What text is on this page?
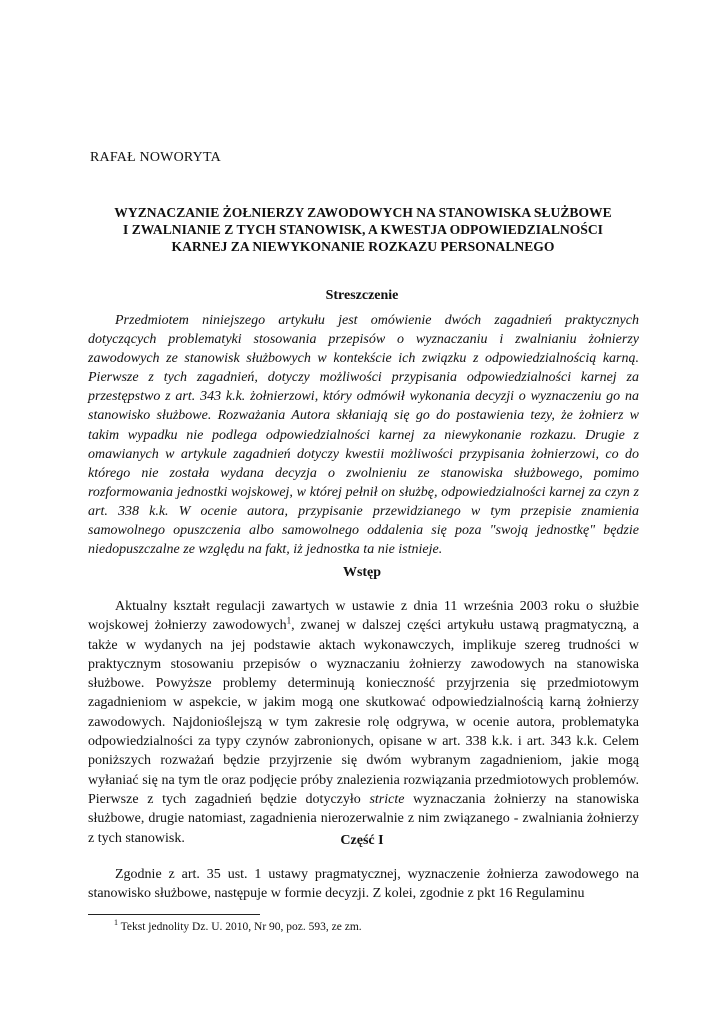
RAFAŁ NOWORYTA
WYZNACZANIE ŻOŁNIERZY ZAWODOWYCH NA STANOWISKA SŁUŻBOWE
I ZWALNIANIE Z TYCH STANOWISK, A KWESTJA ODPOWIEDZIALNOŚCI
KARNEJ ZA NIEWYKONANIE ROZKAZU PERSONALNEGO
Streszczenie

Przedmiotem niniejszego artykułu jest omówienie dwóch zagadnień praktycznych dotyczących problematyki stosowania przepisów o wyznaczaniu i zwalnianiu żołnierzy zawodowych ze stanowisk służbowych w kontekście ich związku z odpowiedzialnością karną. Pierwsze z tych zagadnień, dotyczy możliwości przypisania odpowiedzialności karnej za przestępstwo z art. 343 k.k. żołnierzowi, który odmówił wykonania decyzji o wyznaczeniu go na stanowisko służbowe. Rozważania Autora skłaniają się go do postawienia tezy, że żołnierz w takim wypadku nie podlega odpowiedzialności karnej za niewykonanie rozkazu. Drugie z omawianych w artykule zagadnień dotyczy kwestii możliwości przypisania żołnierzowi, co do którego nie została wydana decyzja o zwolnieniu ze stanowiska służbowego, pomimo rozformowania jednostki wojskowej, w której pełnił on służbę, odpowiedzialności karnej za czyn z art. 338 k.k. W ocenie autora, przypisanie przewidzianego w tym przepisie znamienia samowolnego opuszczenia albo samowolnego oddalenia się poza "swoją jednostkę" będzie niedopuszczalne ze względu na fakt, iż jednostka ta nie istnieje.

Wstęp

Aktualny kształt regulacji zawartych w ustawie z dnia 11 września 2003 roku o służbie wojskowej żołnierzy zawodowych$^1$, zwanej w dalszej części artykułu ustawą pragmatyczną, a także w wydanych na jej podstawie aktach wykonawczych, implikuje szereg trudności w praktycznym stosowaniu przepisów o wyznaczaniu żołnierzy zawodowych na stanowiska służbowe. Powyższe problemy determinują konieczność przyjrzenia się przedmiotowym zagadnieniom w aspekcie, w jakim mogą one skutkować odpowiedzialnością karną żołnierzy zawodowych. Najdonioślejszą w tym zakresie rolę odgrywa, w ocenie autora, problematyka odpowiedzialności za typy czynów zabronionych, opisane w art. 338 k.k. i art. 343 k.k. Celem poniższych rozważań będzie przyjrzenie się dwóm wybranym zagadnieniom, jakie mogą wyłaniać się na tym tle oraz podjęcie próby znalezienia rozwiązania przedmiotowych problemów. Pierwsze z tych zagadnień będzie dotyczyło stricte wyznaczania żołnierzy na stanowiska służbowe, drugie natomiast, zagadnienia nierozerwalnie z nim związanego - zwalniania żołnierzy z tych stanowisk.	Część I

Zgodnie z art. 35 ust. 1 ustawy pragmatycznej, wyznaczenie żołnierza zawodowego na stanowisko służbowe, następuje w formie decyzji. Z kolei, zgodnie z pkt 16 Regulaminu

$^1$ Tekst jednolity Dz. U. 2010, Nr 90, poz. 593, ze zm.
